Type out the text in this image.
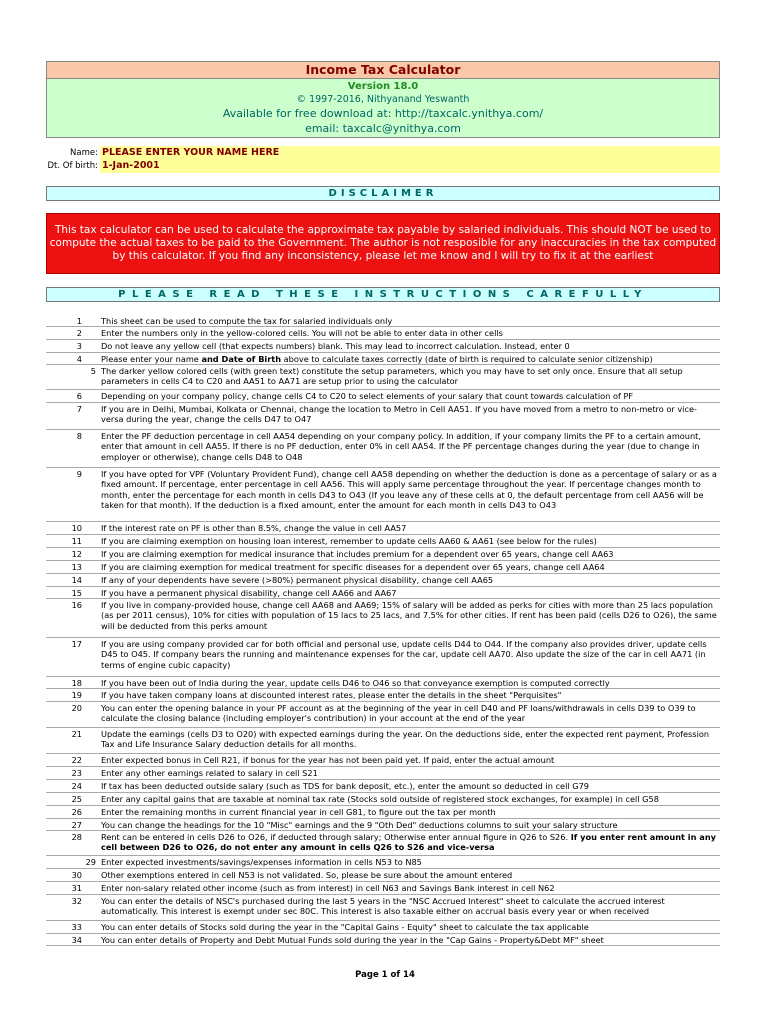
Income Tax Calculator
Version 18.0
© 1997-2016, Nithyanand Yeswanth
Available for free download at: http://taxcalc.ynithya.com/
email: taxcalc@ynithya.com
Name:
Dt. Of birth:
PLEASE ENTER YOUR NAME HERE
1-Jan-2001
DISCLAIMER
This tax calculator can be used to calculate the approximate tax payable by salaried individuals. This should NOT be used to compute the actual taxes to be paid to the Government. The author is not resposible for any inaccuracies in the tax computed by this calculator. If you find any inconsistency, please let me know and I will try to fix it at the earliest
PLEASE READ THESE INSTRUCTIONS CAREFULLY
1 This sheet can be used to compute the tax for salaried individuals only
2 Enter the numbers only in the yellow-colored cells. You will not be able to enter data in other cells
3 Do not leave any yellow cell (that expects numbers) blank. This may lead to incorrect calculation. Instead, enter 0
4 Please enter your name and Date of Birth above to calculate taxes correctly (date of birth is required to calculate senior citizenship)
5 The darker yellow colored cells (with green text) constitute the setup parameters, which you may have to set only once. Ensure that all setup parameters in cells C4 to C20 and AA51 to AA71 are setup prior to using the calculator
6 Depending on your company policy, change cells C4 to C20 to select elements of your salary that count towards calculation of PF
7 If you are in Delhi, Mumbai, Kolkata or Chennai, change the location to Metro in Cell AA51. If you have moved from a metro to non-metro or vice-versa during the year, change the cells D47 to O47
8 Enter the PF deduction percentage in cell AA54 depending on your company policy. In addition, if your company limits the PF to a certain amount, enter that amount in cell AA55. If there is no PF deduction, enter 0% in cell AA54. If the PF percentage changes during the year (due to change in employer or otherwise), change cells D48 to O48
9 If you have opted for VPF (Voluntary Provident Fund), change cell AA58 depending on whether the deduction is done as a percentage of salary or as a fixed amount. If percentage, enter percentage in cell AA56. This will apply same percentage throughout the year. If percentage changes month to month, enter the percentage for each month in cells D43 to O43 (If you leave any of these cells at 0, the default percentage from cell AA56 will be taken for that month). If the deduction is a fixed amount, enter the amount for each month in cells D43 to O43
10 If the interest rate on PF is other than 8.5%, change the value in cell AA57
11 If you are claiming exemption on housing loan interest, remember to update cells AA60 & AA61 (see below for the rules)
12 If you are claiming exemption for medical insurance that includes premium for a dependent over 65 years, change cell AA63
13 If you are claiming exemption for medical treatment for specific diseases for a dependent over 65 years, change cell AA64
14 If any of your dependents have severe (>80%) permanent physical disability, change cell AA65
15 If you have a permanent physical disability, change cell AA66 and AA67
16 If you live in company-provided house, change cell AA68 and AA69; 15% of salary will be added as perks for cities with more than 25 lacs population (as per 2011 census), 10% for cities with population of 15 lacs to 25 lacs, and 7.5% for other cities. If rent has been paid (cells D26 to O26), the same will be deducted from this perks amount
17 If you are using company provided car for both official and personal use, update cells D44 to O44. If the company also provides driver, update cells D45 to O45. If company bears the running and maintenance expenses for the car, update cell AA70. Also update the size of the car in cell AA71 (in terms of engine cubic capacity)
18 If you have been out of India during the year, update cells D46 to O46 so that conveyance exemption is computed correctly
19 If you have taken company loans at discounted interest rates, please enter the details in the sheet "Perquisites"
20 You can enter the opening balance in your PF account as at the beginning of the year in cell D40 and PF loans/withdrawals in cells D39 to O39 to calculate the closing balance (including employer's contribution) in your account at the end of the year
21 Update the earnings (cells D3 to O20) with expected earnings during the year. On the deductions side, enter the expected rent payment, Profession Tax and Life Insurance Salary deduction details for all months.
22 Enter expected bonus in Cell R21, if bonus for the year has not been paid yet. If paid, enter the actual amount
23 Enter any other earnings related to salary in cell S21
24 If tax has been deducted outside salary (such as TDS for bank deposit, etc.), enter the amount so deducted in cell G79
25 Enter any capital gains that are taxable at nominal tax rate (Stocks sold outside of registered stock exchanges, for example) in cell G58
26 Enter the remaining months in current financial year in cell G81, to figure out the tax per month
27 You can change the headings for the 10 "Misc" earnings and the 9 "Oth Ded" deductions columns to suit your salary structure
28 Rent can be entered in cells D26 to O26, if deducted through salary; Otherwise enter annual figure in Q26 to S26. If you enter rent amount in any cell between D26 to O26, do not enter any amount in cells Q26 to S26 and vice-versa
29 Enter expected investments/savings/expenses information in cells N53 to N85
30 Other exemptions entered in cell N53 is not validated. So, please be sure about the amount entered
31 Enter non-salary related other income (such as from interest) in cell N63 and Savings Bank interest in cell N62
32 You can enter the details of NSC's purchased during the last 5 years in the "NSC Accrued Interest" sheet to calculate the accrued interest automatically. This interest is exempt under sec 80C. This interest is also taxable either on accrual basis every year or when received
33 You can enter details of Stocks sold during the year in the "Capital Gains - Equity" sheet to calculate the tax applicable
34 You can enter details of Property and Debt Mutual Funds sold during the year in the "Cap Gains - Property&Debt MF" sheet
Page 1 of 14
